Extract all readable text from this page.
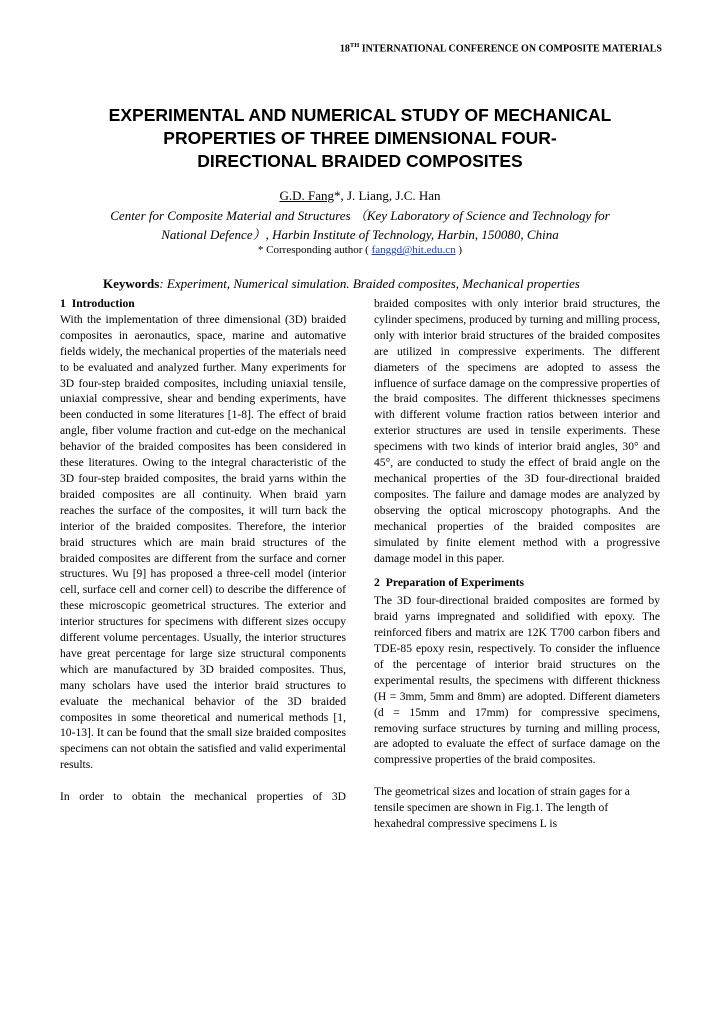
18TH INTERNATIONAL CONFERENCE ON COMPOSITE MATERIALS
EXPERIMENTAL AND NUMERICAL STUDY OF MECHANICAL
PROPERTIES OF THREE DIMENSIONAL FOUR-
DIRECTIONAL BRAIDED COMPOSITES
G.D. Fang*, J. Liang, J.C. Han
Center for Composite Material and Structures （Key Laboratory of Science and Technology for
National Defence）, Harbin Institute of Technology, Harbin, 150080, China
* Corresponding author ( fanggd@hit.edu.cn )
Keywords: Experiment, Numerical simulation. Braided composites, Mechanical properties

1 Introduction

With the implementation of three dimensional (3D) braided composites in aeronautics, space, marine and automative fields widely, the mechanical properties of the materials need to be evaluated and analyzed further. Many experiments for 3D four-step braided composites, including uniaxial tensile, uniaxial compressive, shear and bending experiments, have been conducted in some literatures [1-8]. The effect of braid angle, fiber volume fraction and cut-edge on the mechanical behavior of the braided composites has been considered in these literatures. Owing to the integral characteristic of the 3D four-step braided composites, the braid yarns within the braided composites are all continuity. When braid yarn reaches the surface of the composites, it will turn back the interior of the braided composites. Therefore, the interior braid structures which are main braid structures of the braided composites are different from the surface and corner structures. Wu [9] has proposed a three-cell model (interior cell, surface cell and corner cell) to describe the difference of these microscopic geometrical structures. The exterior and interior structures for specimens with different sizes occupy different volume percentages. Usually, the interior structures have great percentage for large size structural components which are manufactured by 3D braided composites. Thus, many scholars have used the interior braid structures to evaluate the mechanical behavior of the 3D braided composites in some theoretical and numerical methods [1, 10-13]. It can be found that the small size braided composites specimens can not obtain the satisfied and valid experimental results.

In order to obtain the mechanical properties of 3D

braided composites with only interior braid structures, the cylinder specimens, produced by turning and milling process, only with interior braid structures of the braided composites are utilized in compressive experiments. The different diameters of the specimens are adopted to assess the influence of surface damage on the compressive properties of the braid composites. The different thicknesses specimens with different volume fraction ratios between interior and exterior structures are used in tensile experiments. These specimens with two kinds of interior braid angles, 30° and 45°, are conducted to study the effect of braid angle on the mechanical properties of the 3D four-directional braided composites. The failure and damage modes are analyzed by observing the optical microscopy photographs. And the mechanical properties of the braided composites are simulated by finite element method with a progressive damage model in this paper.

2 Preparation of Experiments

The 3D four-directional braided composites are formed by braid yarns impregnated and solidified with epoxy. The reinforced fibers and matrix are 12K T700 carbon fibers and TDE-85 epoxy resin, respectively. To consider the influence of the percentage of interior braid structures on the experimental results, the specimens with different thickness (H = 3mm, 5mm and 8mm) are adopted. Different diameters (d = 15mm and 17mm) for compressive specimens, removing surface structures by turning and milling process, are adopted to evaluate the effect of surface damage on the compressive properties of the braid composites.

The geometrical sizes and location of strain gages for a tensile specimen are shown in Fig.1. The length of hexahedral compressive specimens L is
